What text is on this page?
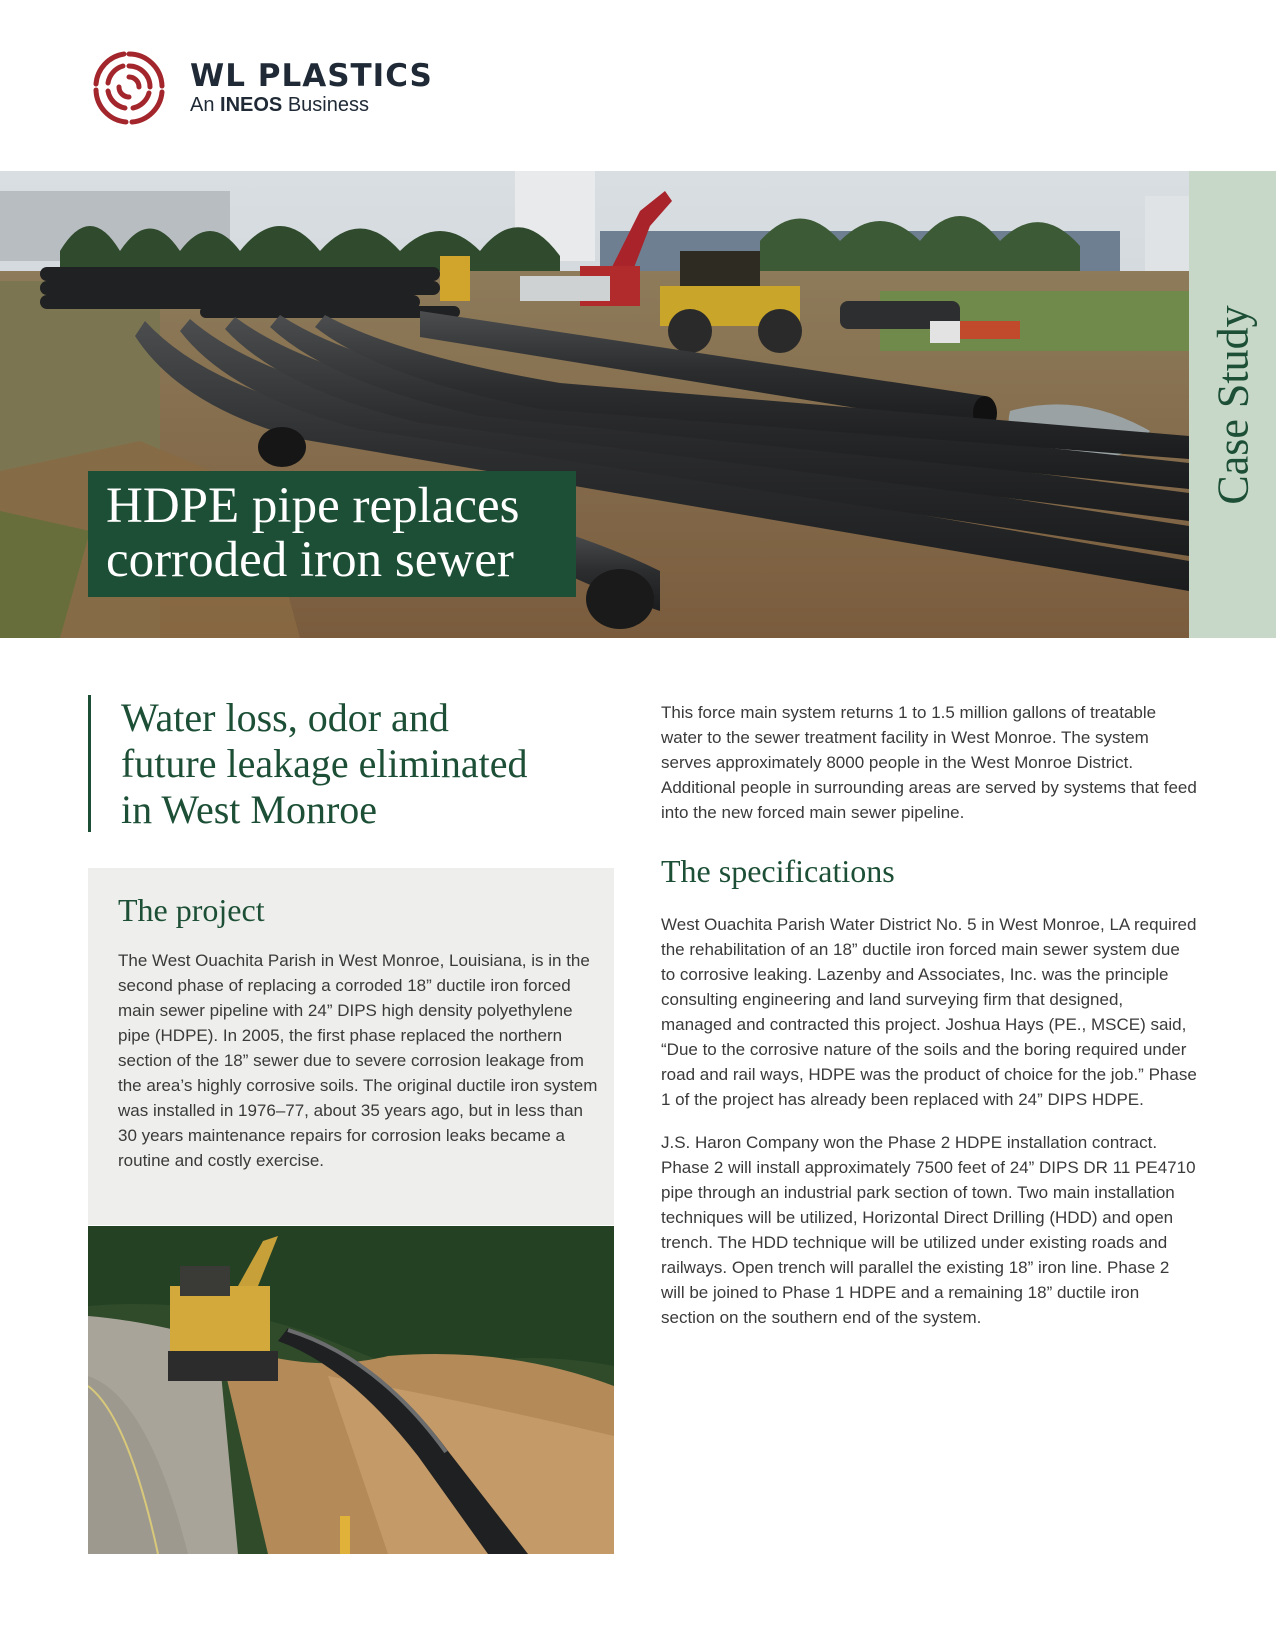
WL PLASTICS
An INEOS Business
HDPE pipe replaces
corroded iron sewer
Case Study
Water loss, odor and
future leakage eliminated
in West Monroe
The project

The West Ouachita Parish in West Monroe, Louisiana, is in the second phase of replacing a corroded 18” ductile iron forced main sewer pipeline with 24” DIPS high density polyethylene pipe (HDPE). In 2005, the first phase replaced the northern section of the 18” sewer due to severe corrosion leakage from the area’s highly corrosive soils. The original ductile iron system was installed in 1976–77, about 35 years ago, but in less than 30 years maintenance repairs for corrosion leaks became a routine and costly exercise.

This force main system returns 1 to 1.5 million gallons of treatable water to the sewer treatment facility in West Monroe. The system serves approximately 8000 people in the West Monroe District. Additional people in surrounding areas are served by systems that feed into the new forced main sewer pipeline.

The specifications

West Ouachita Parish Water District No. 5 in West Monroe, LA required the rehabilitation of an 18” ductile iron forced main sewer system due to corrosive leaking. Lazenby and Associates, Inc. was the principle consulting engineering and land surveying firm that designed, managed and contracted this project. Joshua Hays (PE., MSCE) said, “Due to the corrosive nature of the soils and the boring required under road and rail ways, HDPE was the product of choice for the job.” Phase 1 of the project has already been replaced with 24” DIPS HDPE.

J.S. Haron Company won the Phase 2 HDPE installation contract. Phase 2 will install approximately 7500 feet of 24” DIPS DR 11 PE4710 pipe through an industrial park section of town. Two main installation techniques will be utilized, Horizontal Direct Drilling (HDD) and open trench. The HDD technique will be utilized under existing roads and railways. Open trench will parallel the existing 18” iron line. Phase 2 will be joined to Phase 1 HDPE and a remaining 18” ductile iron section on the southern end of the system.
